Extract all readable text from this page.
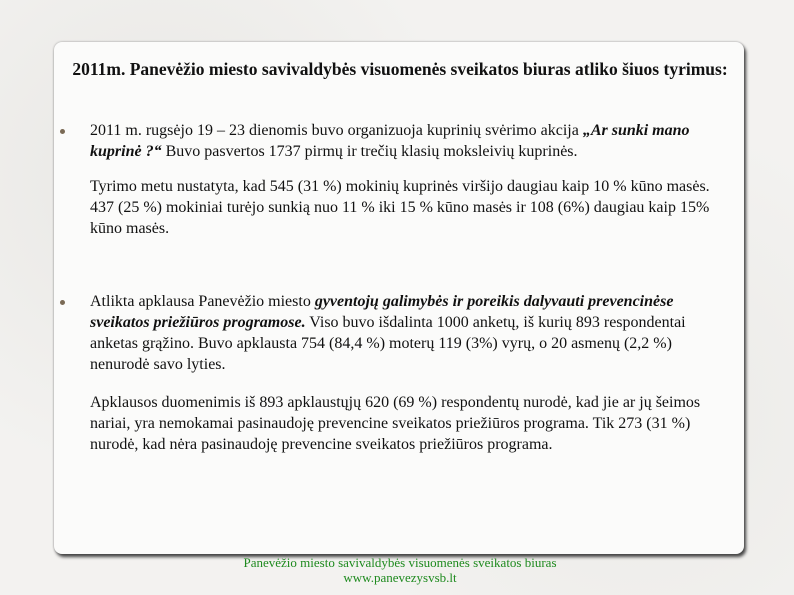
2011m. Panevėžio miesto savivaldybės visuomenės sveikatos biuras atliko šiuos tyrimus:
2011 m. rugsėjo 19 – 23 dienomis buvo organizuoja kuprinių svėrimo akcija „Ar sunki mano kuprinė ?“ Buvo pasvertos 1737 pirmų ir trečių klasių moksleivių kuprinės.
Tyrimo metu nustatyta, kad 545 (31 %) mokinių kuprinės viršijo daugiau kaip 10 % kūno masės. 437 (25 %) mokiniai turėjo sunkią nuo 11 % iki 15 % kūno masės ir 108 (6%) daugiau kaip 15% kūno masės.
Atlikta apklausa Panevėžio miesto gyventojų galimybės ir poreikis dalyvauti prevencinėse sveikatos priežiūros programose. Viso buvo išdalinta 1000 anketų, iš kurių 893 respondentai anketas grąžino. Buvo apklausta 754 (84,4 %) moterų 119 (3%) vyrų, o 20 asmenų (2,2 %) nenurodė savo lyties.
Apklausos duomenimis iš 893 apklaustųjų 620 (69 %) respondentų nurodė, kad jie ar jų šeimos nariai, yra nemokamai pasinaudoję prevencine sveikatos priežiūros programa. Tik 273 (31 %) nurodė, kad nėra pasinaudoję prevencine sveikatos priežiūros programa.
Panevėžio miesto savivaldybės visuomenės sveikatos biuras
www.panevezysvsb.lt
